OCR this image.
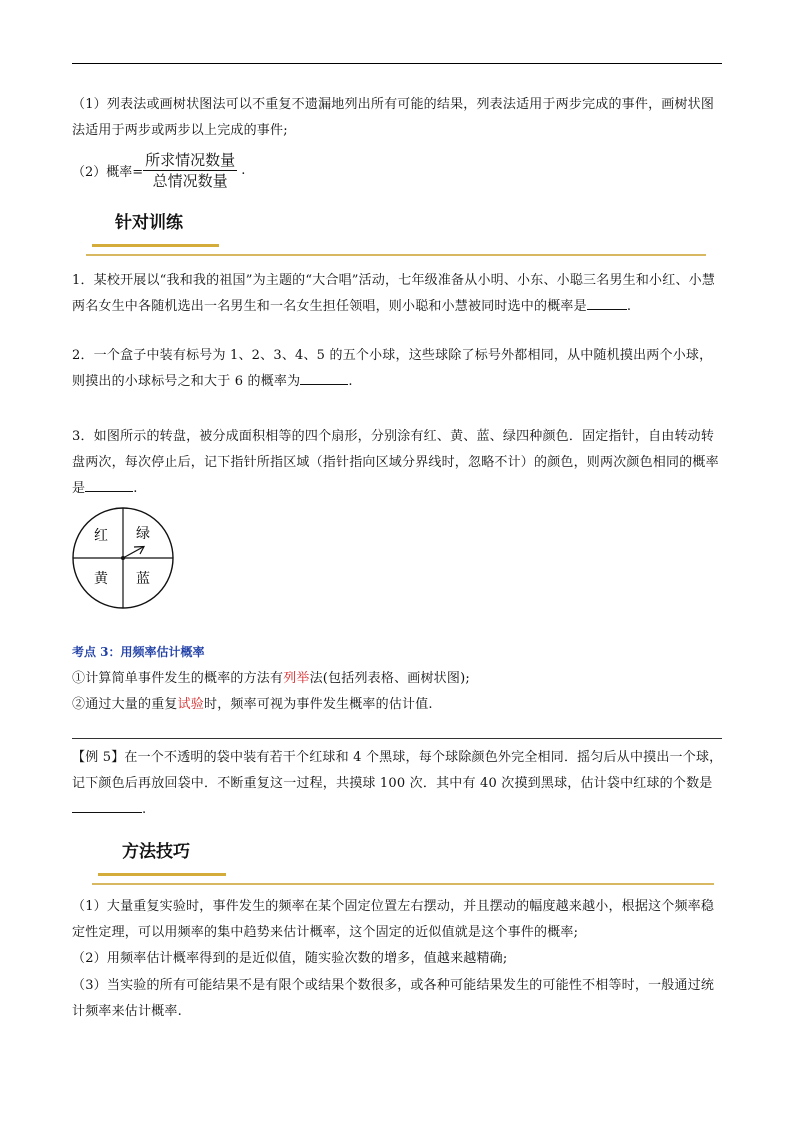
（1）列表法或画树状图法可以不重复不遗漏地列出所有可能的结果，列表法适用于两步完成的事件，画树状图法适用于两步或两步以上完成的事件;
（2）概率= $\frac{\text{所求情况数量}}{\text{总情况数量}}$ .
针对训练
1．某校开展以“我和我的祖国”为主题的“大合唱”活动，七年级准备从小明、小东、小聪三名男生和小红、小慧两名女生中各随机选出一名男生和一名女生担任领唱，则小聪和小慧被同时选中的概率是	.
2．一个盒子中装有标号为 1、2、3、4、5 的五个小球，这些球除了标号外都相同，从中随机摸出两个小球，则摸出的小球标号之和大于 6 的概率为	.
3．如图所示的转盘，被分成面积相等的四个扇形，分别涂有红、黄、蓝、绿四种颜色．固定指针，自由转动转盘两次，每次停止后，记下指针所指区域（指针指向区域分界线时，忽略不计）的颜色，则两次颜色相同的概率是	.
红 绿
黄 蓝
考点 3：用频率估计概率
①计算简单事件发生的概率的方法有列举法(包括列表格、画树状图);
②通过大量的重复试验时，频率可视为事件发生概率的估计值.
【例 5】在一个不透明的袋中装有若干个红球和 4 个黑球，每个球除颜色外完全相同．摇匀后从中摸出一个球，记下颜色后再放回袋中．不断重复这一过程，共摸球 100 次．其中有 40 次摸到黑球，估计袋中红球的个数是.
方法技巧
（1）大量重复实验时，事件发生的频率在某个固定位置左右摆动，并且摆动的幅度越来越小，根据这个频率稳定性定理，可以用频率的集中趋势来估计概率，这个固定的近似值就是这个事件的概率;
（2）用频率估计概率得到的是近似值，随实验次数的增多，值越来越精确;
（3）当实验的所有可能结果不是有限个或结果个数很多，或各种可能结果发生的可能性不相等时，一般通过统计频率来估计概率.
